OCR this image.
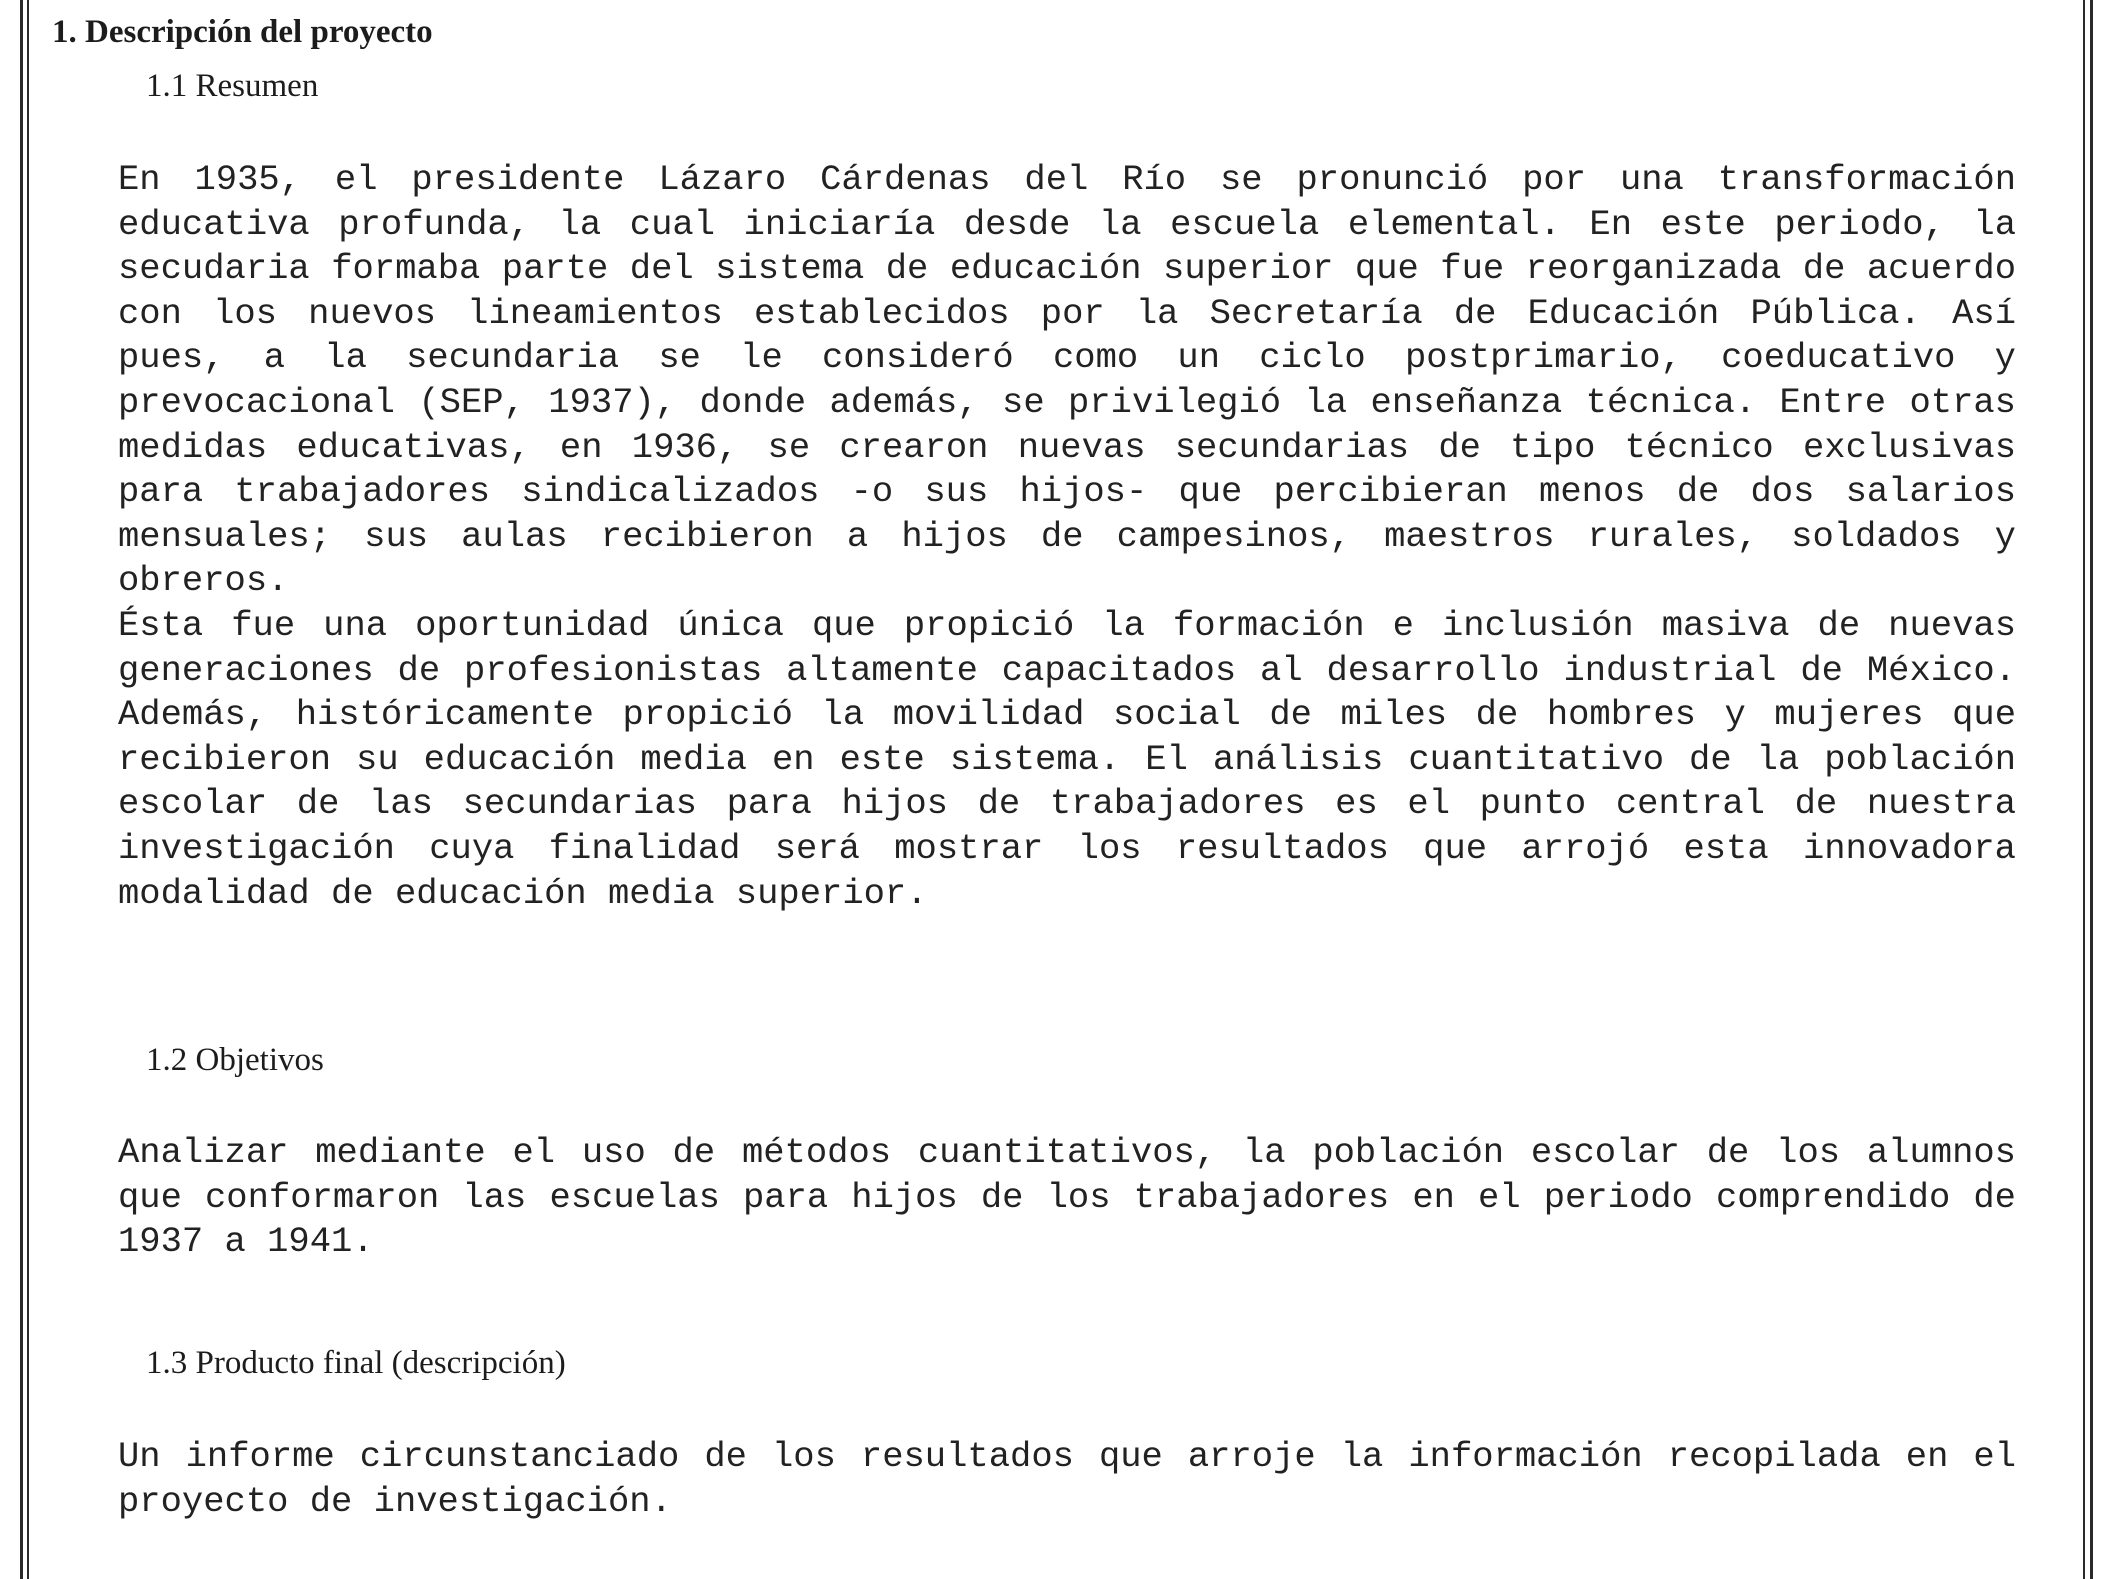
1. Descripción del proyecto
1.1 Resumen

En 1935, el presidente Lázaro Cárdenas del Río se pronunció por una transformación educativa profunda, la cual iniciaría desde la escuela elemental. En este periodo, la secudaria formaba parte del sistema de educación superior que fue reorganizada de acuerdo con los nuevos lineamientos establecidos por la Secretaría de Educación Pública. Así pues, a la secundaria se le consideró como un ciclo postprimario, coeducativo y prevocacional (SEP, 1937), donde además, se privilegió la enseñanza técnica. Entre otras medidas educativas, en 1936, se crearon nuevas secundarias de tipo técnico exclusivas para trabajadores sindicalizados -o sus hijos- que percibieran menos de dos salarios mensuales; sus aulas recibieron a hijos de campesinos, maestros rurales, soldados y obreros.

Ésta fue una oportunidad única que propició la formación e inclusión masiva de nuevas generaciones de profesionistas altamente capacitados al desarrollo industrial de México. Además, históricamente propició la movilidad social de miles de hombres y mujeres que recibieron su educación media en este sistema. El análisis cuantitativo de la población escolar de las secundarias para hijos de trabajadores es el punto central de nuestra investigación cuya finalidad será mostrar los resultados que arrojó esta innovadora modalidad de educación media superior.

1.2 Objetivos

Analizar mediante el uso de métodos cuantitativos, la población escolar de los alumnos que conformaron las escuelas para hijos de los trabajadores en el periodo comprendido de 1937 a 1941.

1.3 Producto final (descripción)

Un informe circunstanciado de los resultados que arroje la información recopilada en el proyecto de investigación.
